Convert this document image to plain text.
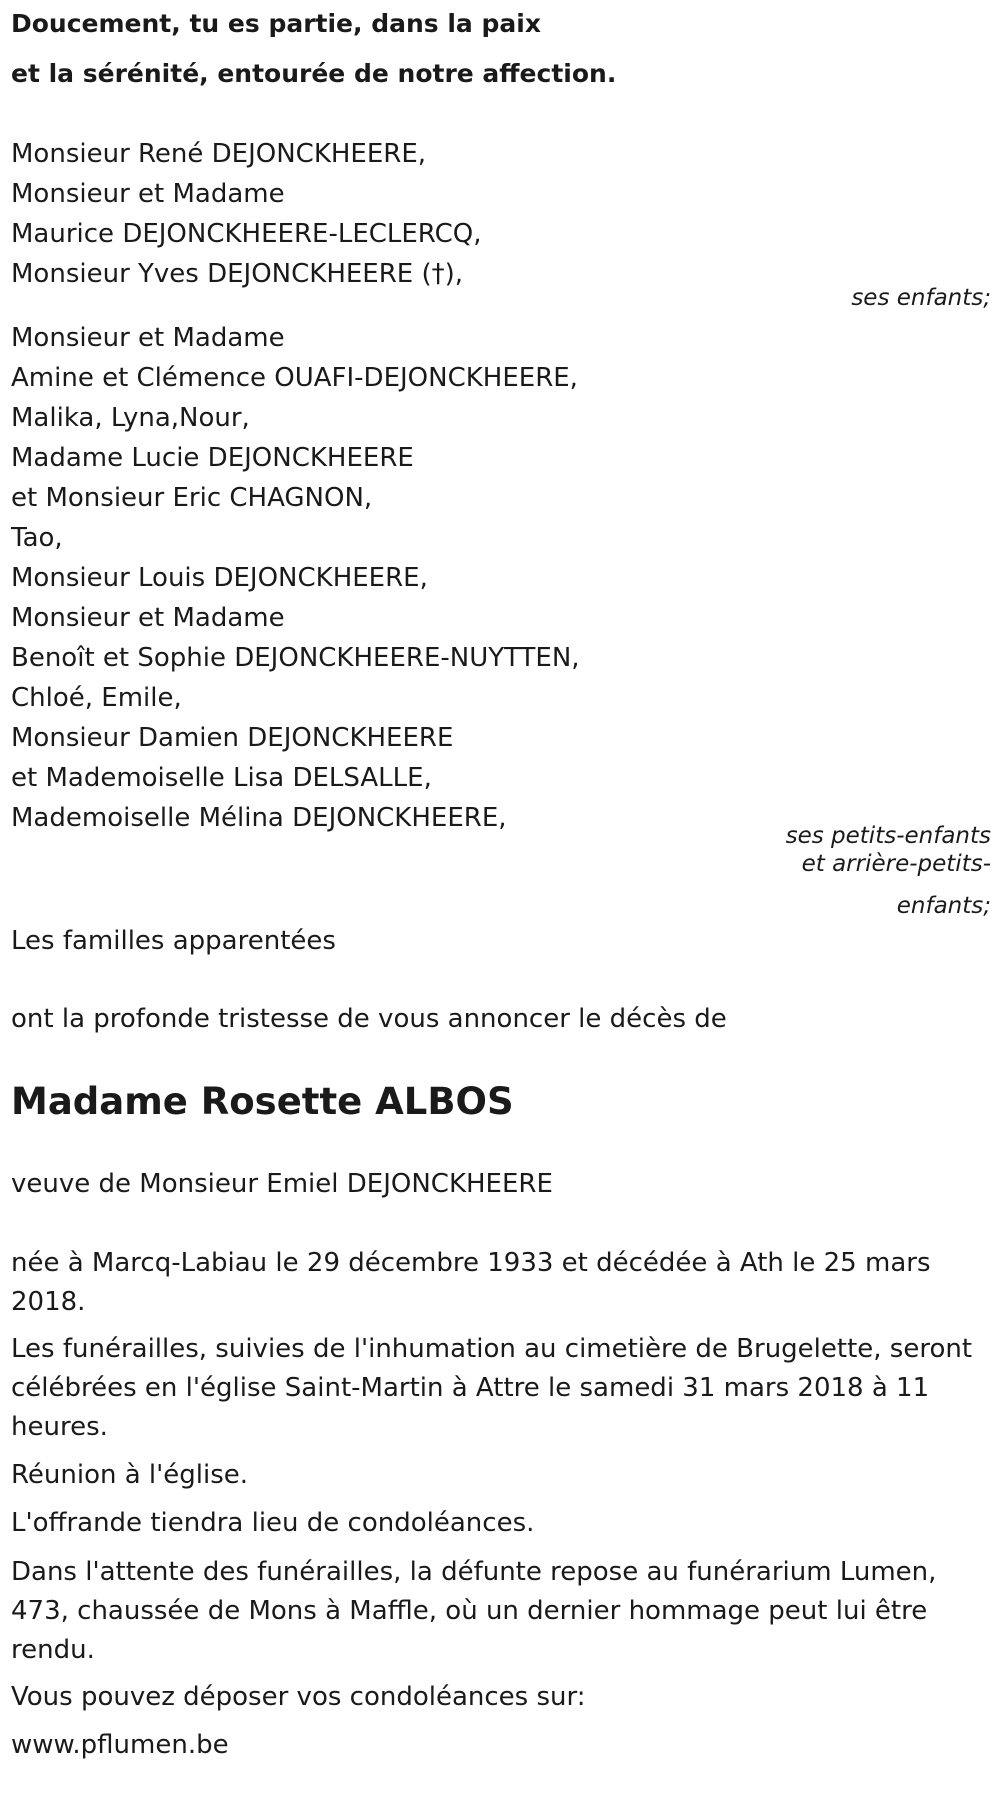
Doucement, tu es partie, dans la paix
et la sérénité, entourée de notre affection.
Monsieur René DEJONCKHEERE,
Monsieur et Madame
Maurice DEJONCKHEERE-LECLERCQ,
Monsieur Yves DEJONCKHEERE (†),
ses enfants;
Monsieur et Madame
Amine et Clémence OUAFI-DEJONCKHEERE,
Malika, Lyna,Nour,
Madame Lucie DEJONCKHEERE
et Monsieur Eric CHAGNON,
Tao,
Monsieur Louis DEJONCKHEERE,
Monsieur et Madame
Benoît et Sophie DEJONCKHEERE-NUYTTEN,
Chloé, Emile,
Monsieur Damien DEJONCKHEERE
et Mademoiselle Lisa DELSALLE,
Mademoiselle Mélina DEJONCKHEERE,
ses petits-enfants
et arrière-petits-
enfants;
Les familles apparentées
ont la profonde tristesse de vous annoncer le décès de
Madame Rosette ALBOS
veuve de Monsieur Emiel DEJONCKHEERE
née à Marcq-Labiau le 29 décembre 1933 et décédée à Ath le 25 mars 2018.
Les funérailles, suivies de l'inhumation au cimetière de Brugelette, seront célébrées en l'église Saint-Martin à Attre le samedi 31 mars 2018 à 11 heures.
Réunion à l'église.
L'offrande tiendra lieu de condoléances.
Dans l'attente des funérailles, la défunte repose au funérarium Lumen, 473, chaussée de Mons à Maffle, où un dernier hommage peut lui être rendu.
Vous pouvez déposer vos condoléances sur:
www.pflumen.be
